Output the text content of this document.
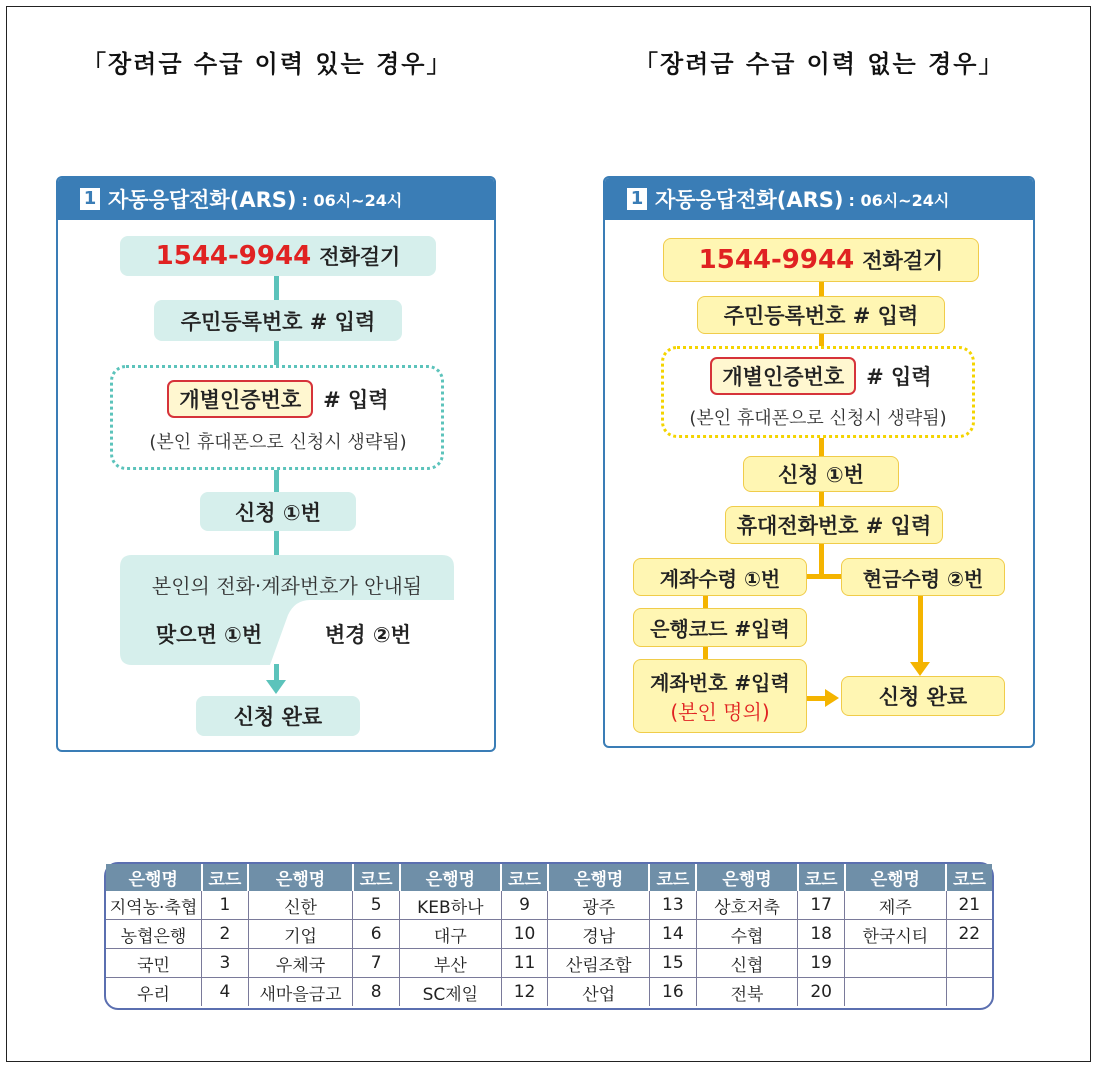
「장려금 수급 이력 있는 경우」	「장려금 수급 이력 없는 경우」
1 자동응답전화(ARS) : 06시~24시
1544-9944 전화걸기
주민등록번호 # 입력
개별인증번호	# 입력
(본인 휴대폰으로 신청시 생략됨)
신청 ①번
본인의 전화·계좌번호가 안내됨
맞으면 ①번	변경 ②번
신청 완료
1 자동응답전화(ARS) : 06시~24시
1544-9944 전화걸기
주민등록번호 # 입력
개별인증번호	# 입력
(본인 휴대폰으로 신청시 생략됨)
신청 ①번
휴대전화번호 # 입력
계좌수령 ①번	현금수령 ②번
은행코드 #입력
계좌번호 #입력
(본인 명의)
신청 완료
은행명	코드	은행명	코드	은행명	코드	은행명	코드	은행명	코드	은행명	코드
지역농·축협	1	신한	5	KEB하나	9	광주	13	상호저축	17	제주	21
농협은행	2	기업	6	대구	10	경남	14	수협	18	한국시티	22
국민	3	우체국	7	부산	11	산림조합	15	신협	19		
우리	4	새마을금고	8	SC제일	12	산업	16	전북	20		
